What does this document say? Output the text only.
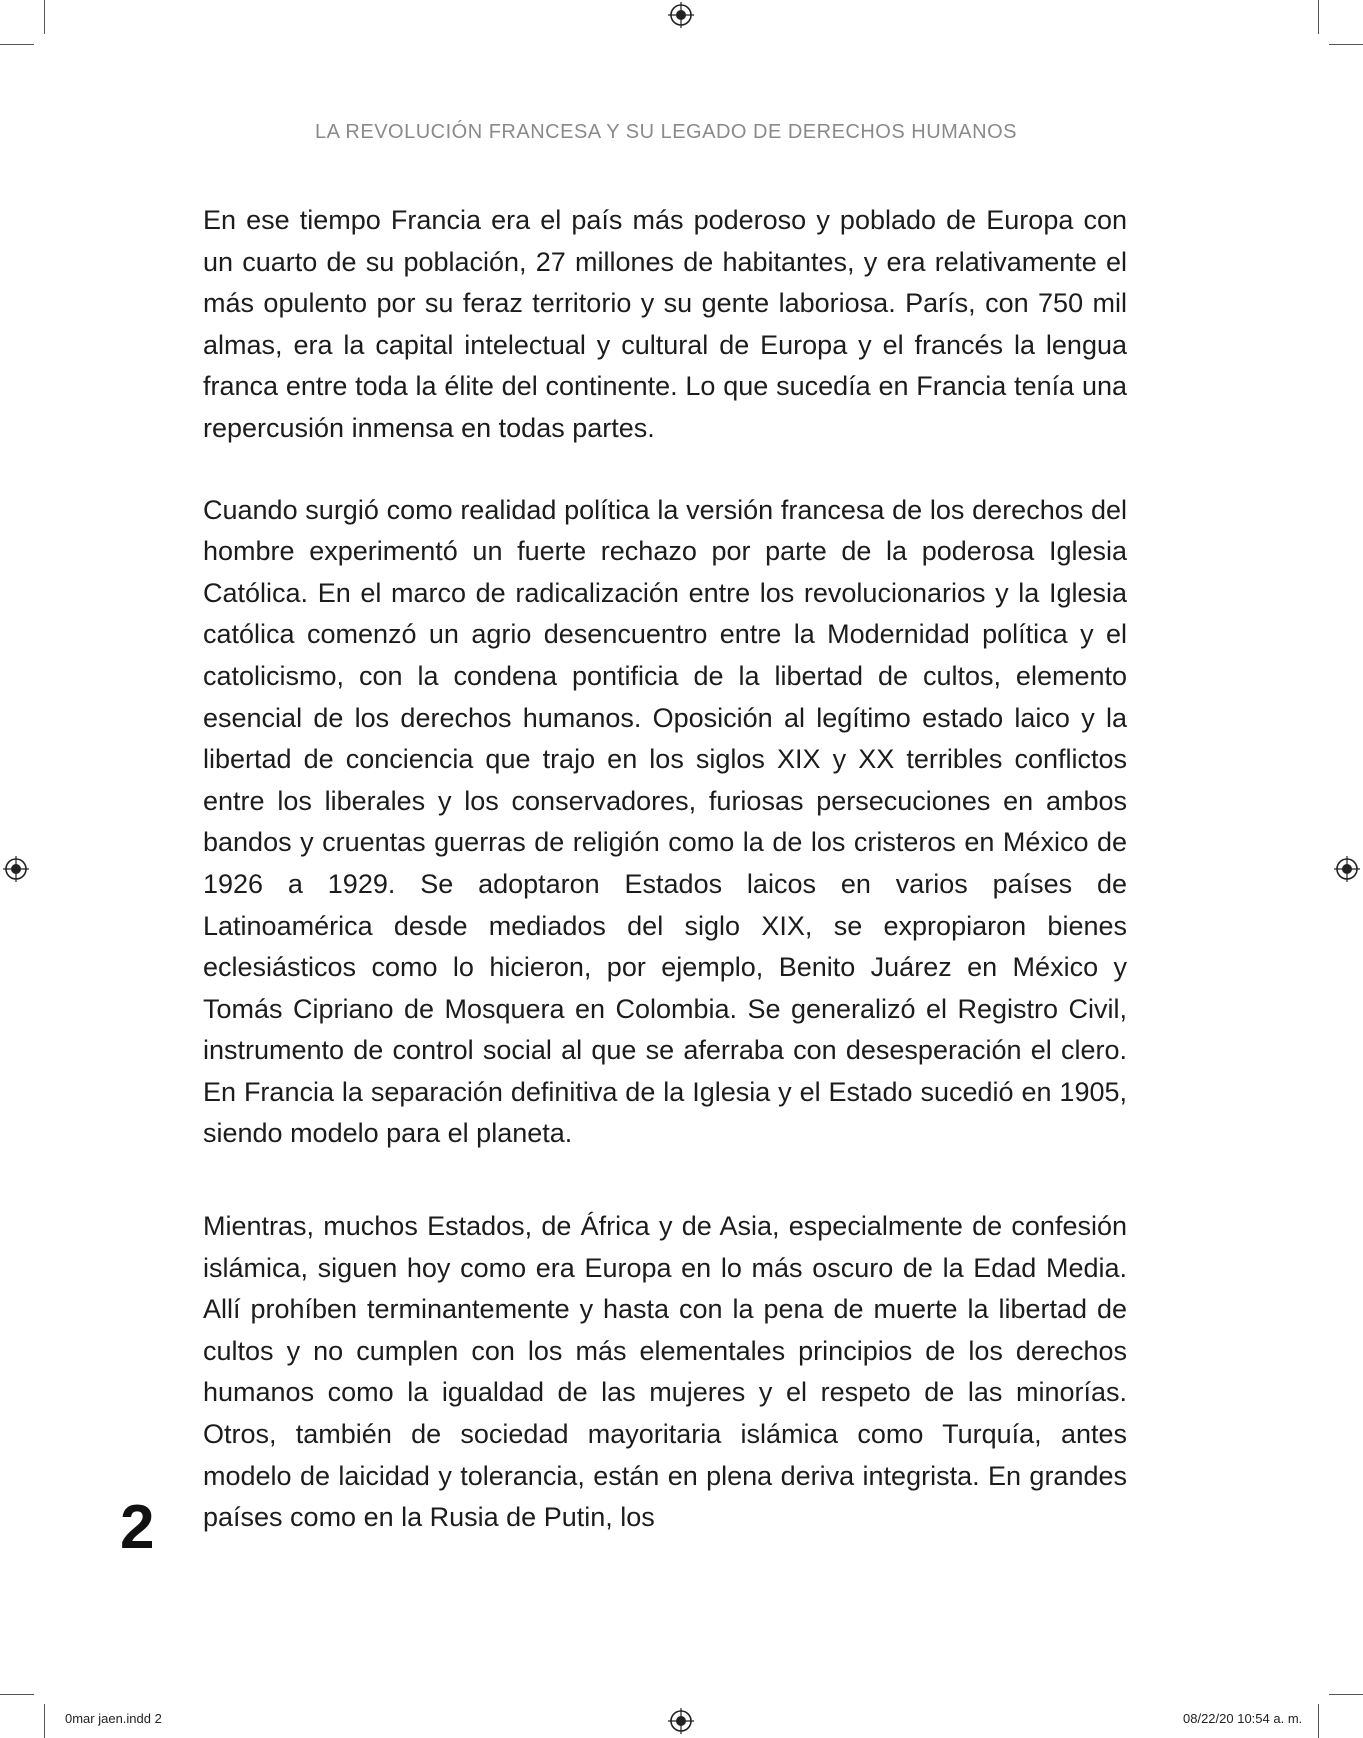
LA REVOLUCIÓN FRANCESA Y SU LEGADO DE DERECHOS HUMANOS

En ese tiempo Francia era el país más poderoso y poblado de Europa con un cuarto de su población, 27 millones de habitantes, y era relativamente el más opulento por su feraz territorio y su gente laboriosa. París, con 750 mil almas, era la capital intelectual y cultural de Europa y el francés la lengua franca entre toda la élite del continente. Lo que sucedía en Francia tenía una repercusión inmensa en todas partes.

Cuando surgió como realidad política la versión francesa de los derechos del hombre experimentó un fuerte rechazo por parte de la poderosa Iglesia Católica. En el marco de radicalización entre los revolucionarios y la Iglesia católica comenzó un agrio desencuentro entre la Modernidad política y el catolicismo, con la condena pontificia de la libertad de cultos, elemento esencial de los derechos humanos. Oposición al legítimo estado laico y la libertad de conciencia que trajo en los siglos XIX y XX terribles conflictos entre los liberales y los conservadores, furiosas persecuciones en ambos bandos y cruentas guerras de religión como la de los cristeros en México de 1926 a 1929. Se adoptaron Estados laicos en varios países de Latinoamérica desde mediados del siglo XIX, se expropiaron bienes eclesiásticos como lo hicieron, por ejemplo, Benito Juárez en México y Tomás Cipriano de Mosquera en Colombia. Se generalizó el Registro Civil, instrumento de control social al que se aferraba con desesperación el clero. En Francia la separación definitiva de la Iglesia y el Estado sucedió en 1905, siendo modelo para el planeta.

Mientras, muchos Estados, de África y de Asia, especialmente de confesión islámica, siguen hoy como era Europa en lo más oscuro de la Edad Media. Allí prohíben terminantemente y hasta con la pena de muerte la libertad de cultos y no cumplen con los más elementales principios de los derechos humanos como la igualdad de las mujeres y el respeto de las minorías. Otros, también de sociedad mayoritaria islámica como Turquía, antes modelo de laicidad y tolerancia, están en plena deriva integrista. En grandes países como en la Rusia de Putin, los

2
0mar jaen.indd 2	08/22/20 10:54 a. m.
